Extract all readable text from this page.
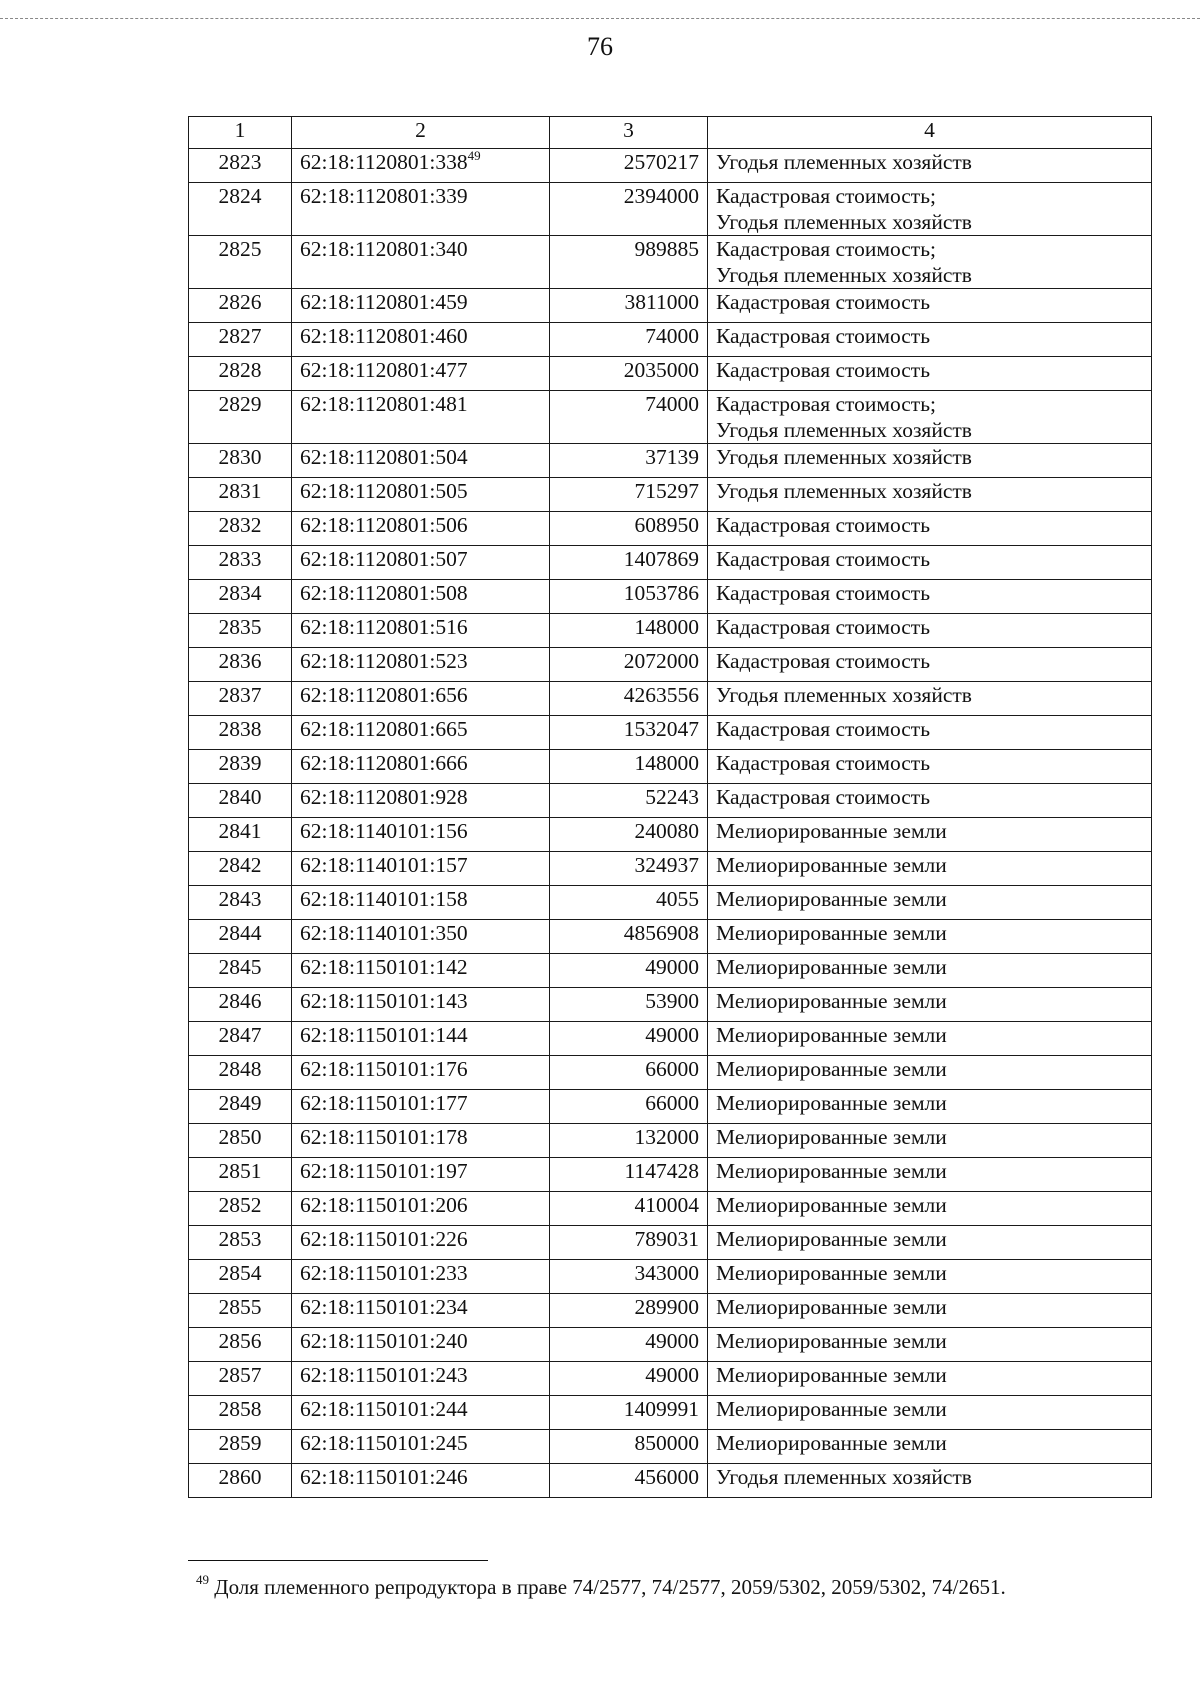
76
1	2	3	4
2823	$62:18:1120801:338^{49}$	2570217	Угодья племенных хозяйств

2824	62:18:1120801:339	2394000	Кадастровая стоимость;
Угодья племенных хозяйств

2825	62:18:1120801:340	989885	Кадастровая стоимость;
Угодья племенных хозяйств

2826	62:18:1120801:459	3811000	Кадастровая стоимость

2827	62:18:1120801:460	74000	Кадастровая стоимость

2828	62:18:1120801:477	2035000	Кадастровая стоимость

2829	62:18:1120801:481	74000	Кадастровая стоимость;
Угодья племенных хозяйств

2830	62:18:1120801:504	37139	Угодья племенных хозяйств

2831	62:18:1120801:505	715297	Угодья племенных хозяйств

2832	62:18:1120801:506	608950	Кадастровая стоимость

2833	62:18:1120801:507	1407869	Кадастровая стоимость

2834	62:18:1120801:508	1053786	Кадастровая стоимость

2835	62:18:1120801:516	148000	Кадастровая стоимость

2836	62:18:1120801:523	2072000	Кадастровая стоимость

2837	62:18:1120801:656	4263556	Угодья племенных хозяйств

2838	62:18:1120801:665	1532047	Кадастровая стоимость

2839	62:18:1120801:666	148000	Кадастровая стоимость

2840	62:18:1120801:928	52243	Кадастровая стоимость

2841	62:18:1140101:156	240080	Мелиорированные земли

2842	62:18:1140101:157	324937	Мелиорированные земли

2843	62:18:1140101:158	4055	Мелиорированные земли

2844	62:18:1140101:350	4856908	Мелиорированные земли

2845	62:18:1150101:142	49000	Мелиорированные земли

2846	62:18:1150101:143	53900	Мелиорированные земли

2847	62:18:1150101:144	49000	Мелиорированные земли

2848	62:18:1150101:176	66000	Мелиорированные земли

2849	62:18:1150101:177	66000	Мелиорированные земли

2850	62:18:1150101:178	132000	Мелиорированные земли

2851	62:18:1150101:197	1147428	Мелиорированные земли

2852	62:18:1150101:206	410004	Мелиорированные земли

2853	62:18:1150101:226	789031	Мелиорированные земли

2854	62:18:1150101:233	343000	Мелиорированные земли

2855	62:18:1150101:234	289900	Мелиорированные земли

2856	62:18:1150101:240	49000	Мелиорированные земли

2857	62:18:1150101:243	49000	Мелиорированные земли

2858	62:18:1150101:244	1409991	Мелиорированные земли

2859	62:18:1150101:245	850000	Мелиорированные земли

2860	62:18:1150101:246	456000	Угодья племенных хозяйств
$^{49}$ Доля племенного репродуктора в праве 74/2577, 74/2577, 2059/5302, 2059/5302, 74/2651.
